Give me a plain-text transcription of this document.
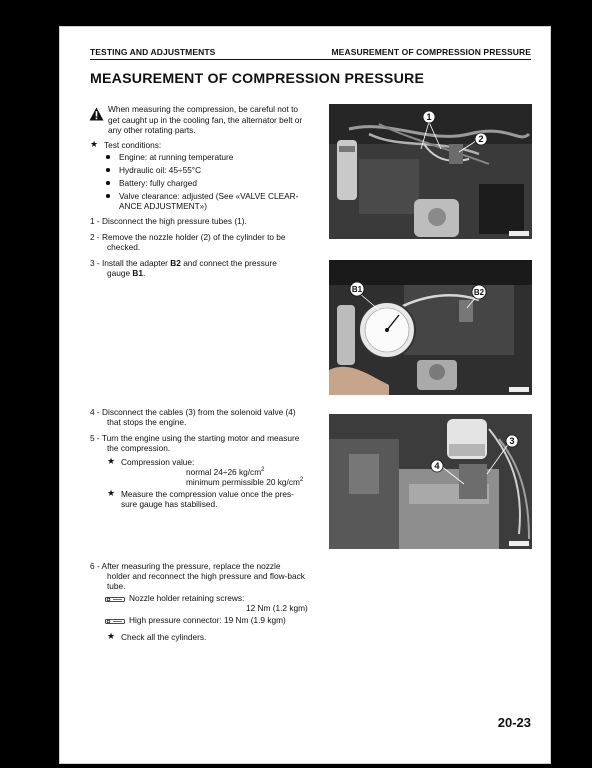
TESTING AND ADJUSTMENTS	MEASUREMENT OF COMPRESSION PRESSURE
MEASUREMENT OF COMPRESSION PRESSURE
When measuring the compression, be careful not to
get caught up in the cooling fan, the alternator belt or
any other rotating parts.
★ Test conditions:
Engine: at running temperature
Hydraulic oil: 45÷55°C
Battery: fully charged
Valve clearance: adjusted (See «VALVE CLEAR-
ANCE ADJUSTMENT»)
1 - Disconnect the high pressure tubes (1).
2 - Remove the nozzle holder (2) of the cylinder to be
checked.
3 - Install the adapter B2 and connect the pressure
gauge B1.
4 - Disconnect the cables (3) from the solenoid valve (4)
that stops the engine.
5 - Turn the engine using the starting motor and measure
the compression.
★ Compression value:
normal 24÷26 $kg/cm^2$
minimum permissible 20 $kg/cm^2$
★ Measure the compression value once the pres-
sure gauge has stabilised.
6 - After measuring the pressure, replace the nozzle
holder and reconnect the high pressure and flow-back
tube.
Nozzle holder retaining screws:
12 Nm (1.2 kgm)
High pressure connector: 19 Nm (1.9 kgm)
★ Check all the cylinders.
1
2
B1	B2
3
4
20-23
